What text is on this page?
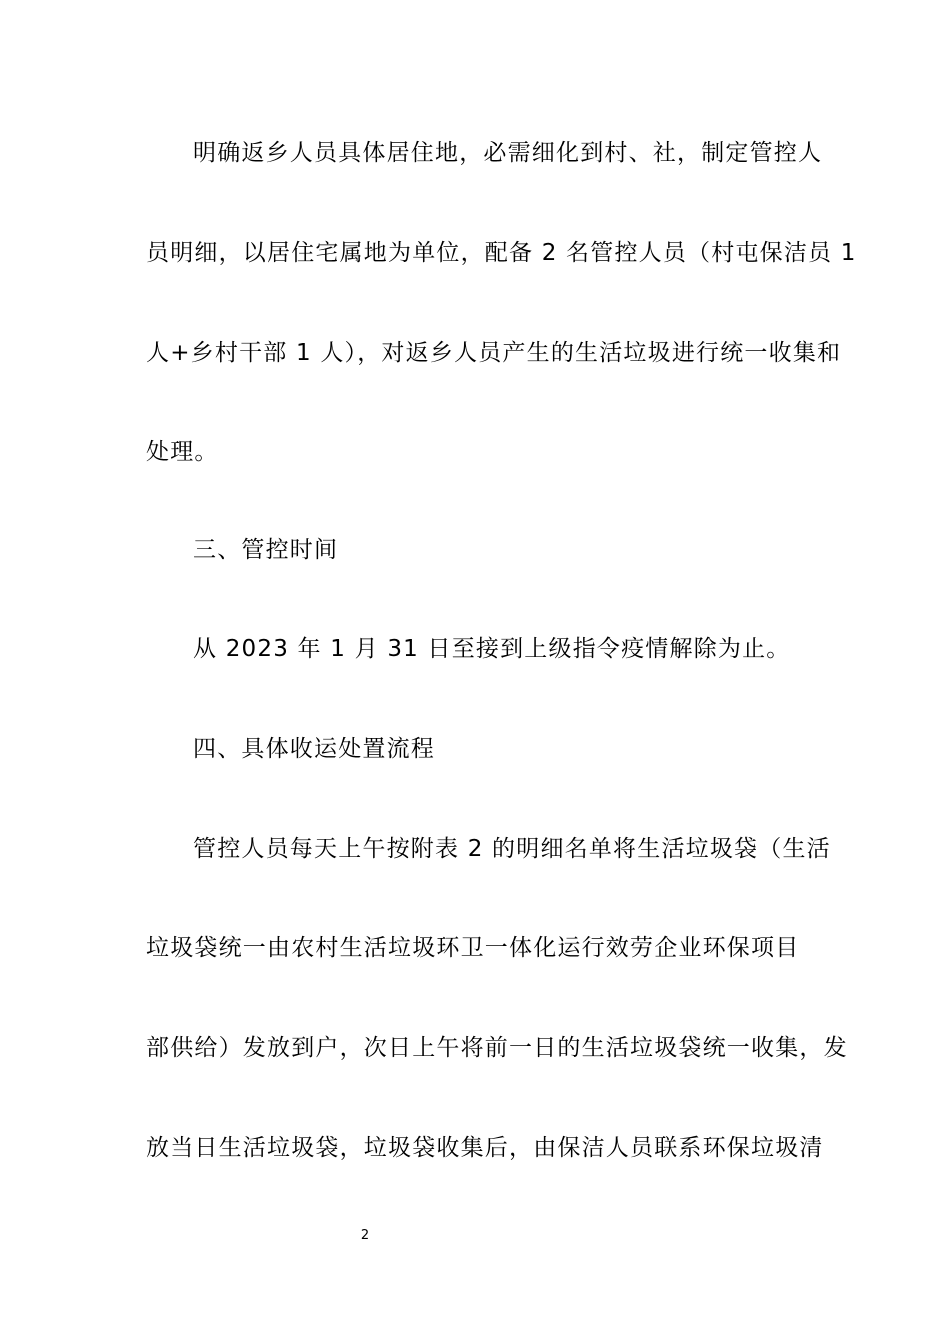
明确返乡人员具体居住地，必需细化到村、社，制定管控人
员明细，以居住宅属地为单位，配备 2 名管控人员（村屯保洁员 1
人+乡村干部 1 人），对返乡人员产生的生活垃圾进行统一收集和
处理。
三、管控时间
从 2023 年 1 月 31 日至接到上级指令疫情解除为止。
四、具体收运处置流程
管控人员每天上午按附表 2 的明细名单将生活垃圾袋（生活
垃圾袋统一由农村生活垃圾环卫一体化运行效劳企业环保项目
部供给）发放到户，次日上午将前一日的生活垃圾袋统一收集，发
放当日生活垃圾袋，垃圾袋收集后，由保洁人员联系环保垃圾清
2
